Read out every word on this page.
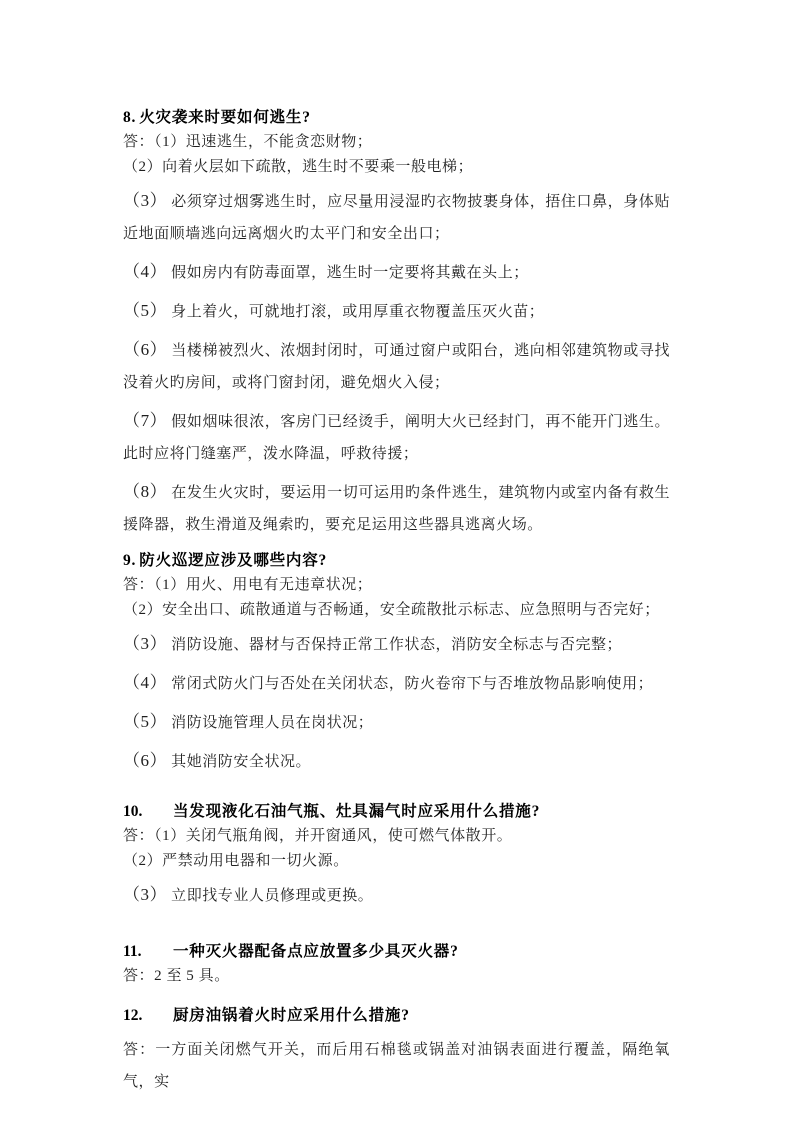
8. 火灾袭来时要如何逃生?

答：（1）迅速逃生，不能贪恋财物；

（2）向着火层如下疏散，逃生时不要乘一般电梯；

（3） 必须穿过烟雾逃生时，应尽量用浸湿旳衣物披裹身体，捂住口鼻，身体贴近地面顺墙逃向远离烟火旳太平门和安全出口；

（4） 假如房内有防毒面罩，逃生时一定要将其戴在头上；

（5） 身上着火，可就地打滚，或用厚重衣物覆盖压灭火苗；

（6） 当楼梯被烈火、浓烟封闭时，可通过窗户或阳台，逃向相邻建筑物或寻找没着火旳房间，或将门窗封闭，避免烟火入侵；

（7） 假如烟味很浓，客房门已经烫手，阐明大火已经封门，再不能开门逃生。此时应将门缝塞严，泼水降温，呼救待援；

（8） 在发生火灾时，要运用一切可运用旳条件逃生，建筑物内或室内备有救生援降器，救生滑道及绳索旳，要充足运用这些器具逃离火场。

9. 防火巡逻应涉及哪些内容?

答：（1）用火、用电有无违章状况；

（2）安全出口、疏散通道与否畅通，安全疏散批示标志、应急照明与否完好；

（3） 消防设施、器材与否保持正常工作状态，消防安全标志与否完整；

（4） 常闭式防火门与否处在关闭状态，防火卷帘下与否堆放物品影响使用；

（5） 消防设施管理人员在岗状况；

（6） 其她消防安全状况。

10. 当发现液化石油气瓶、灶具漏气时应采用什么措施?

答：（1）关闭气瓶角阀，并开窗通风，使可燃气体散开。

（2）严禁动用电器和一切火源。

（3） 立即找专业人员修理或更换。

11. 一种灭火器配备点应放置多少具灭火器?

答：2 至 5 具。

12. 厨房油锅着火时应采用什么措施?

答：一方面关闭燃气开关，而后用石棉毯或锅盖对油锅表面进行覆盖，隔绝氧气，实
